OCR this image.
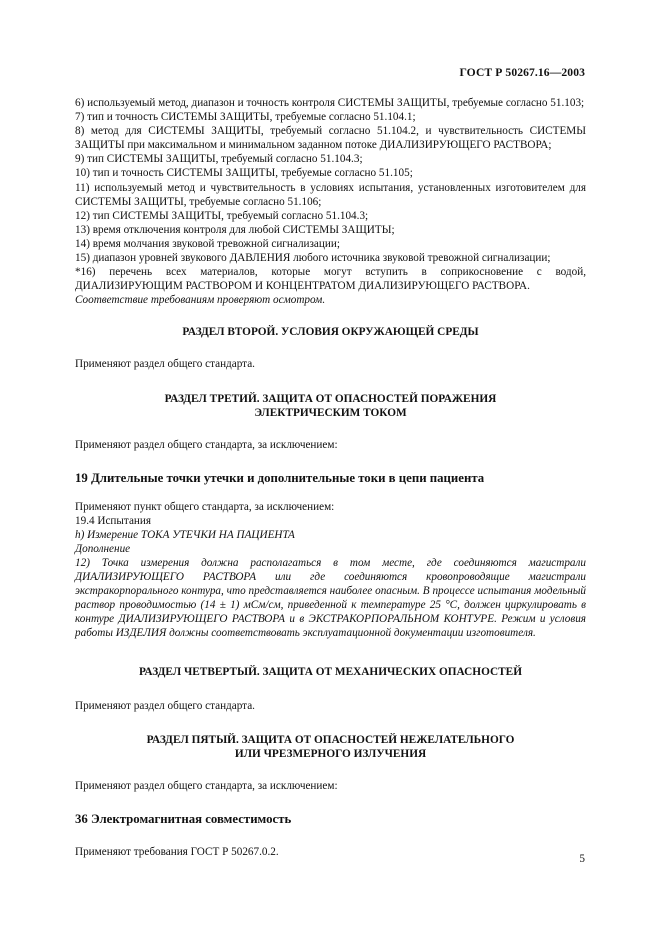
ГОСТ Р 50267.16—2003

6) используемый метод, диапазон и точность контроля СИСТЕМЫ ЗАЩИТЫ, требуемые согласно 51.103;

7) тип и точность СИСТЕМЫ ЗАЩИТЫ, требуемые согласно 51.104.1;

8) метод для СИСТЕМЫ ЗАЩИТЫ, требуемый согласно 51.104.2, и чувствительность СИСТЕМЫ ЗАЩИТЫ при максимальном и минимальном заданном потоке ДИАЛИЗИРУЮЩЕГО РАСТВОРА;

9) тип СИСТЕМЫ ЗАЩИТЫ, требуемый согласно 51.104.3;

10) тип и точность СИСТЕМЫ ЗАЩИТЫ, требуемые согласно 51.105;

11) используемый метод и чувствительность в условиях испытания, установленных изготовителем для СИСТЕМЫ ЗАЩИТЫ, требуемые согласно 51.106;

12) тип СИСТЕМЫ ЗАЩИТЫ, требуемый согласно 51.104.3;

13) время отключения контроля для любой СИСТЕМЫ ЗАЩИТЫ;

14) время молчания звуковой тревожной сигнализации;

15) диапазон уровней звукового ДАВЛЕНИЯ любого источника звуковой тревожной сигнализации;

*16) перечень всех материалов, которые могут вступить в соприкосновение с водой, ДИАЛИЗИРУЮЩИМ РАСТВОРОМ И КОНЦЕНТРАТОМ ДИАЛИЗИРУЮЩЕГО РАСТВОРА.

Соответствие требованиям проверяют осмотром.

РАЗДЕЛ ВТОРОЙ. УСЛОВИЯ ОКРУЖАЮЩЕЙ СРЕДЫ

Применяют раздел общего стандарта.

РАЗДЕЛ ТРЕТИЙ. ЗАЩИТА ОТ ОПАСНОСТЕЙ ПОРАЖЕНИЯ
ЭЛЕКТРИЧЕСКИМ ТОКОМ

Применяют раздел общего стандарта, за исключением:

19 Длительные точки утечки и дополнительные токи в цепи пациента

Применяют пункт общего стандарта, за исключением:

19.4 Испытания

h) Измерение ТОКА УТЕЧКИ НА ПАЦИЕНТА

Дополнение

12) Точка измерения должна располагаться в том месте, где соединяются магистрали ДИАЛИЗИРУЮЩЕГО РАСТВОРА или где соединяются кровопроводящие магистрали экстракорпорального контура, что представляется наиболее опасным. В процессе испытания модельный раствор проводимостью (14 ± 1) мСм/см, приведенной к температуре 25 °С, должен циркулировать в контуре ДИАЛИЗИРУЮЩЕГО РАСТВОРА и в ЭКСТРАКОРПОРАЛЬНОМ КОНТУРЕ. Режим и условия работы ИЗДЕЛИЯ должны соответствовать эксплуатационной документации изготовителя.

РАЗДЕЛ ЧЕТВЕРТЫЙ. ЗАЩИТА ОТ МЕХАНИЧЕСКИХ ОПАСНОСТЕЙ

Применяют раздел общего стандарта.

РАЗДЕЛ ПЯТЫЙ. ЗАЩИТА ОТ ОПАСНОСТЕЙ НЕЖЕЛАТЕЛЬНОГО
ИЛИ ЧРЕЗМЕРНОГО ИЗЛУЧЕНИЯ

Применяют раздел общего стандарта, за исключением:

36 Электромагнитная совместимость

Применяют требования ГОСТ Р 50267.0.2.

5
